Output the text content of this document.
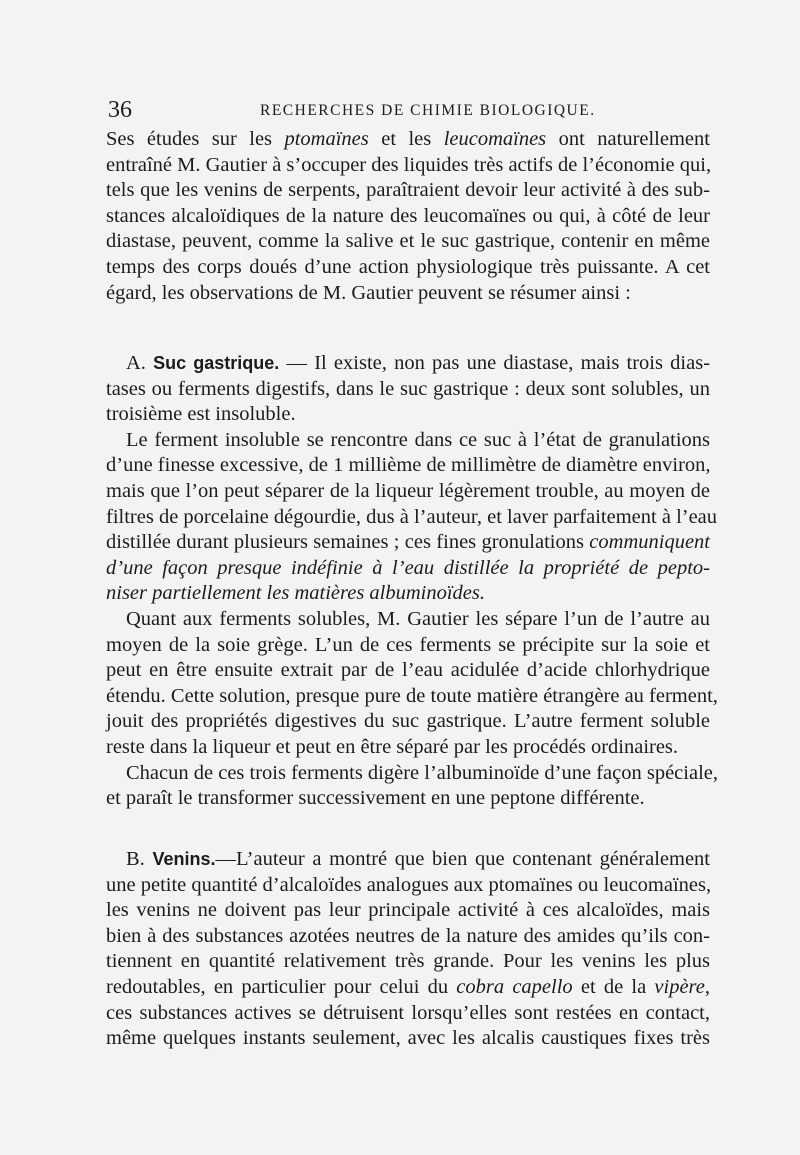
36	RECHERCHES DE CHIMIE BIOLOGIQUE.
Ses études sur les ptomaïnes et les leucomaïnes ont naturellement
entraîné M. Gautier à s’occuper des liquides très actifs de l’économie qui,
tels que les venins de serpents, paraîtraient devoir leur activité à des sub-
stances alcaloïdiques de la nature des leucomaïnes ou qui, à côté de leur
diastase, peuvent, comme la salive et le suc gastrique, contenir en même
temps des corps doués d’une action physiologique très puissante. A cet
égard, les observations de M. Gautier peuvent se résumer ainsi :
A. Suc gastrique. — Il existe, non pas une diastase, mais trois dias-
tases ou ferments digestifs, dans le suc gastrique : deux sont solubles, un
troisième est insoluble.
Le ferment insoluble se rencontre dans ce suc à l’état de granulations
d’une finesse excessive, de 1 millième de millimètre de diamètre environ,
mais que l’on peut séparer de la liqueur légèrement trouble, au moyen de
filtres de porcelaine dégourdie, dus à l’auteur, et laver parfaitement à l’eau
distillée durant plusieurs semaines ; ces fines gronulations communiquent
d’une façon presque indéfinie à l’eau distillée la propriété de pepto-
niser partiellement les matières albuminoïdes.
Quant aux ferments solubles, M. Gautier les sépare l’un de l’autre au
moyen de la soie grège. L’un de ces ferments se précipite sur la soie et
peut en être ensuite extrait par de l’eau acidulée d’acide chlorhydrique
étendu. Cette solution, presque pure de toute matière étrangère au ferment,
jouit des propriétés digestives du suc gastrique. L’autre ferment soluble
reste dans la liqueur et peut en être séparé par les procédés ordinaires.
Chacun de ces trois ferments digère l’albuminoïde d’une façon spéciale,
et paraît le transformer successivement en une peptone différente.
B. Venins.—L’auteur a montré que bien que contenant généralement
une petite quantité d’alcaloïdes analogues aux ptomaïnes ou leucomaïnes,
les venins ne doivent pas leur principale activité à ces alcaloïdes, mais
bien à des substances azotées neutres de la nature des amides qu’ils con-
tiennent en quantité relativement très grande. Pour les venins les plus
redoutables, en particulier pour celui du cobra capello et de la vipère,
ces substances actives se détruisent lorsqu’elles sont restées en contact,
même quelques instants seulement, avec les alcalis caustiques fixes très
